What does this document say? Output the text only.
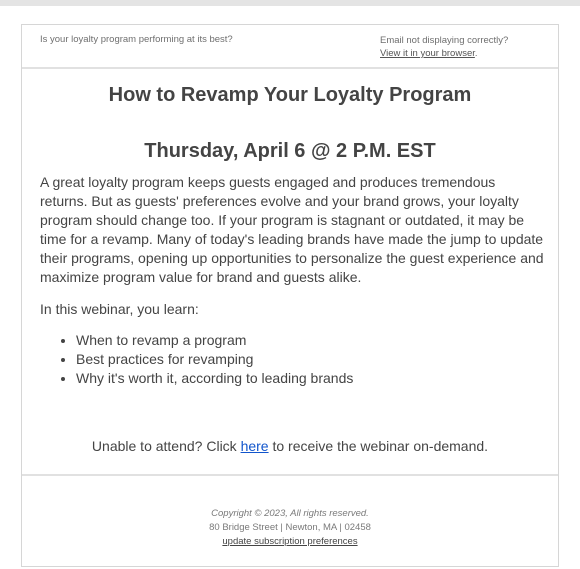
Is your loyalty program performing at its best?	Email not displaying correctly?
View it in your browser.
How to Revamp Your Loyalty Program
Thursday, April 6 @ 2 P.M. EST

A great loyalty program keeps guests engaged and produces tremendous returns. But as guests' preferences evolve and your brand grows, your loyalty program should change too. If your program is stagnant or outdated, it may be time for a revamp. Many of today's leading brands have made the jump to update their programs, opening up opportunities to personalize the guest experience and maximize program value for brand and guests alike.

In this webinar, you learn:

• When to revamp a program
• Best practices for revamping
• Why it's worth it, according to leading brands
Unable to attend? Click here to receive the webinar on-demand.
Copyright © 2023, All rights reserved.
80 Bridge Street | Newton, MA | 02458
update subscription preferences
